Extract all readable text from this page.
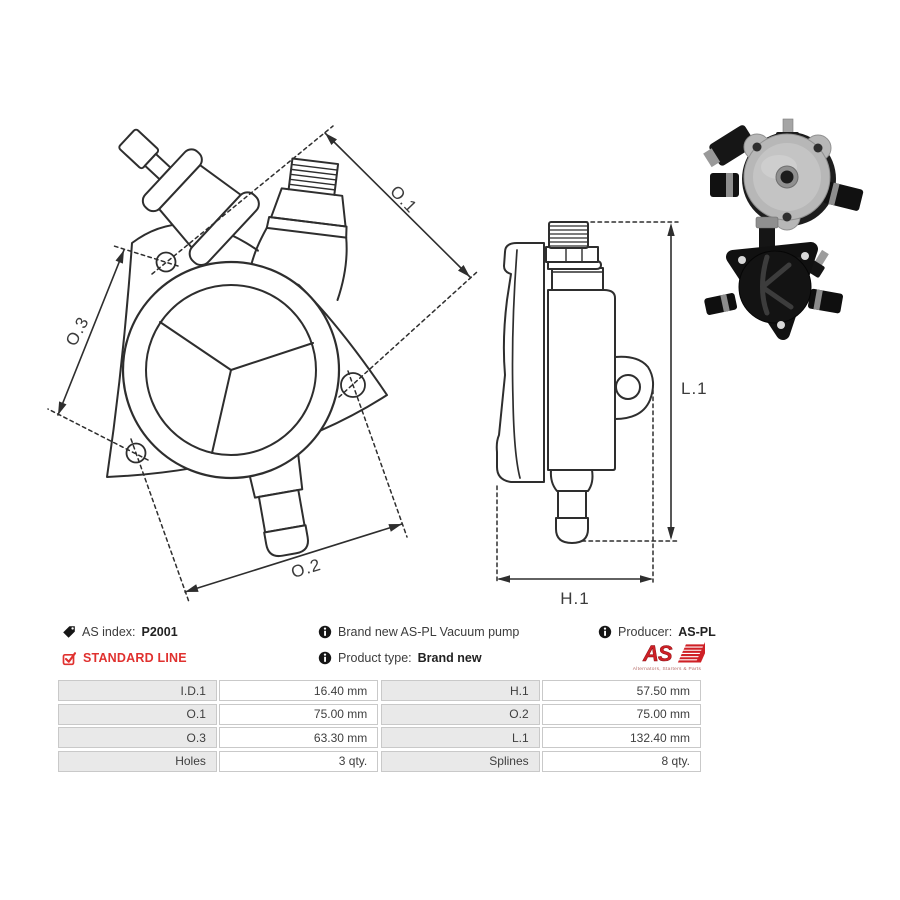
O.1
O.3
O.2
L.1
H.1
AS index: P2001
STANDARD LINE
Brand new AS-PL Vacuum pump
Product type: Brand new
Producer: AS-PL
AS
Alternators, Starters & Parts
I.D.1	16.40 mm	H.1	57.50 mm
O.1	75.00 mm	O.2	75.00 mm
O.3	63.30 mm	L.1	132.40 mm
Holes	3 qty.	Splines	8 qty.
